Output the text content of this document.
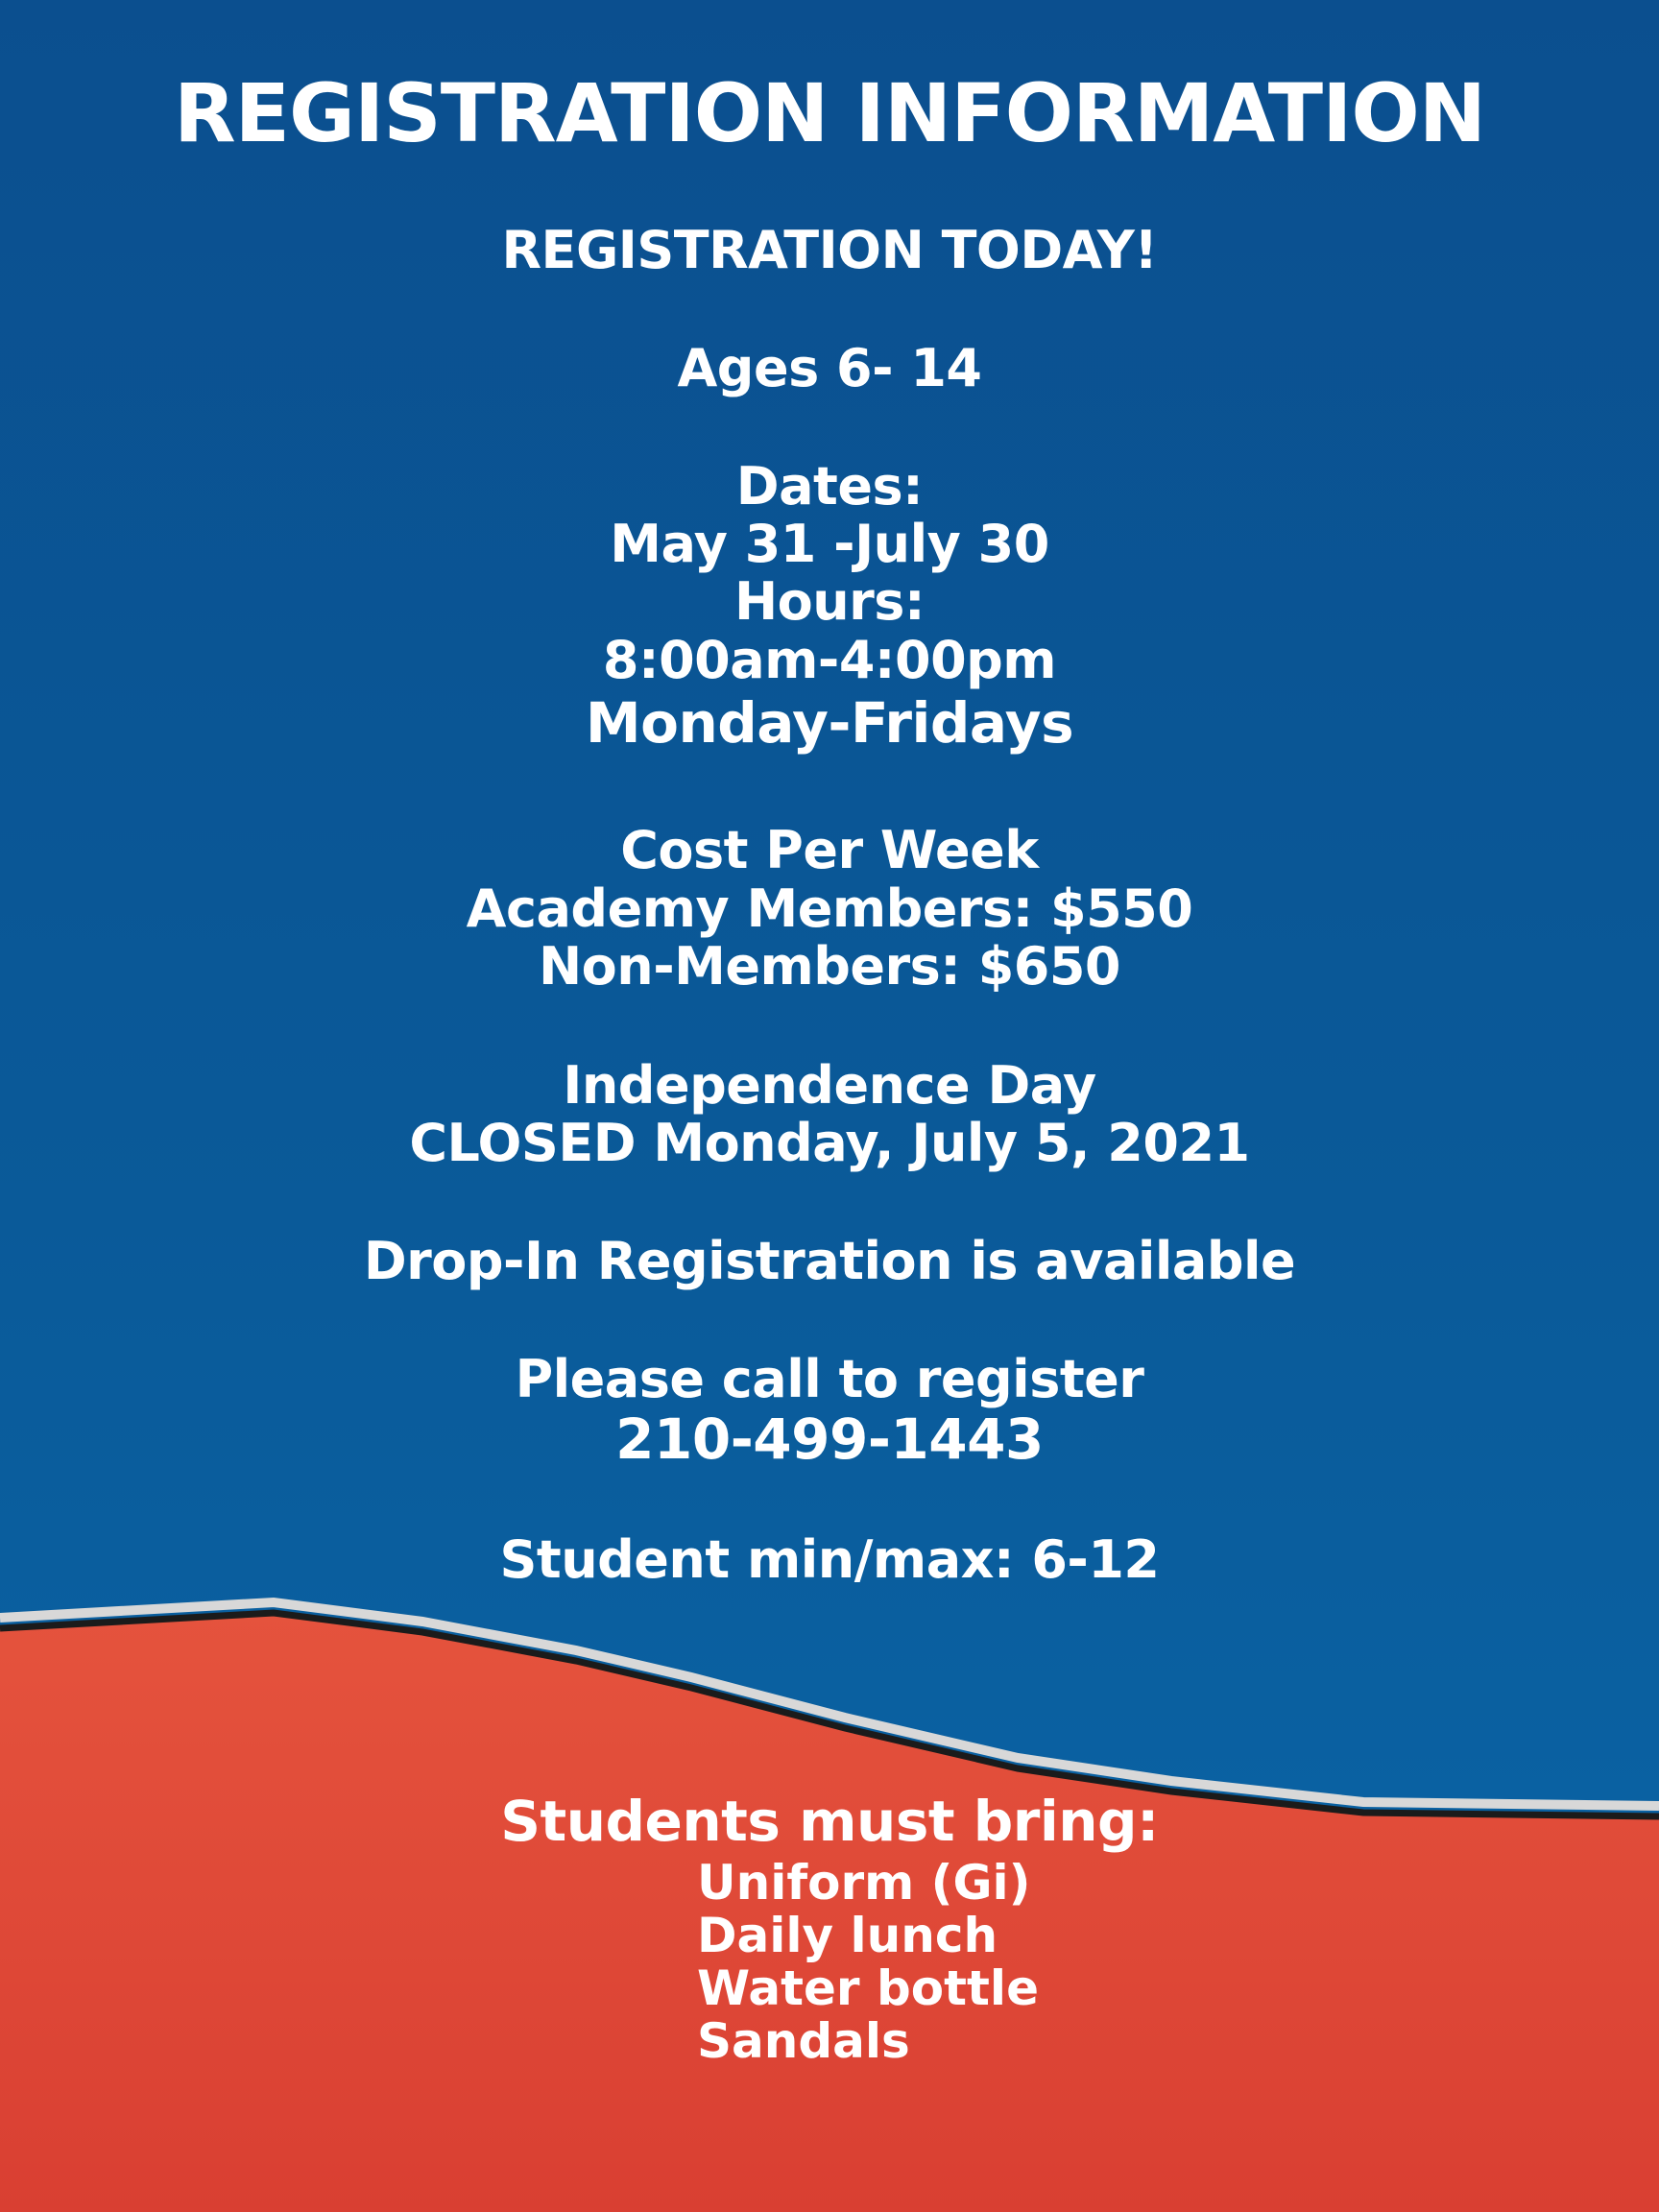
REGISTRATION INFORMATION
REGISTRATION TODAY!
Ages 6- 14
Dates:
May 31 -July 30
Hours:
8:00am-4:00pm
Monday-Fridays
Cost Per Week
Academy Members: $550
Non-Members: $650
Independence Day
CLOSED Monday, July 5, 2021
Drop-In Registration is available
Please call to register
210-499-1443
Student min/max: 6-12
Students must bring:
Uniform (Gi)
Daily lunch
Water bottle
Sandals
